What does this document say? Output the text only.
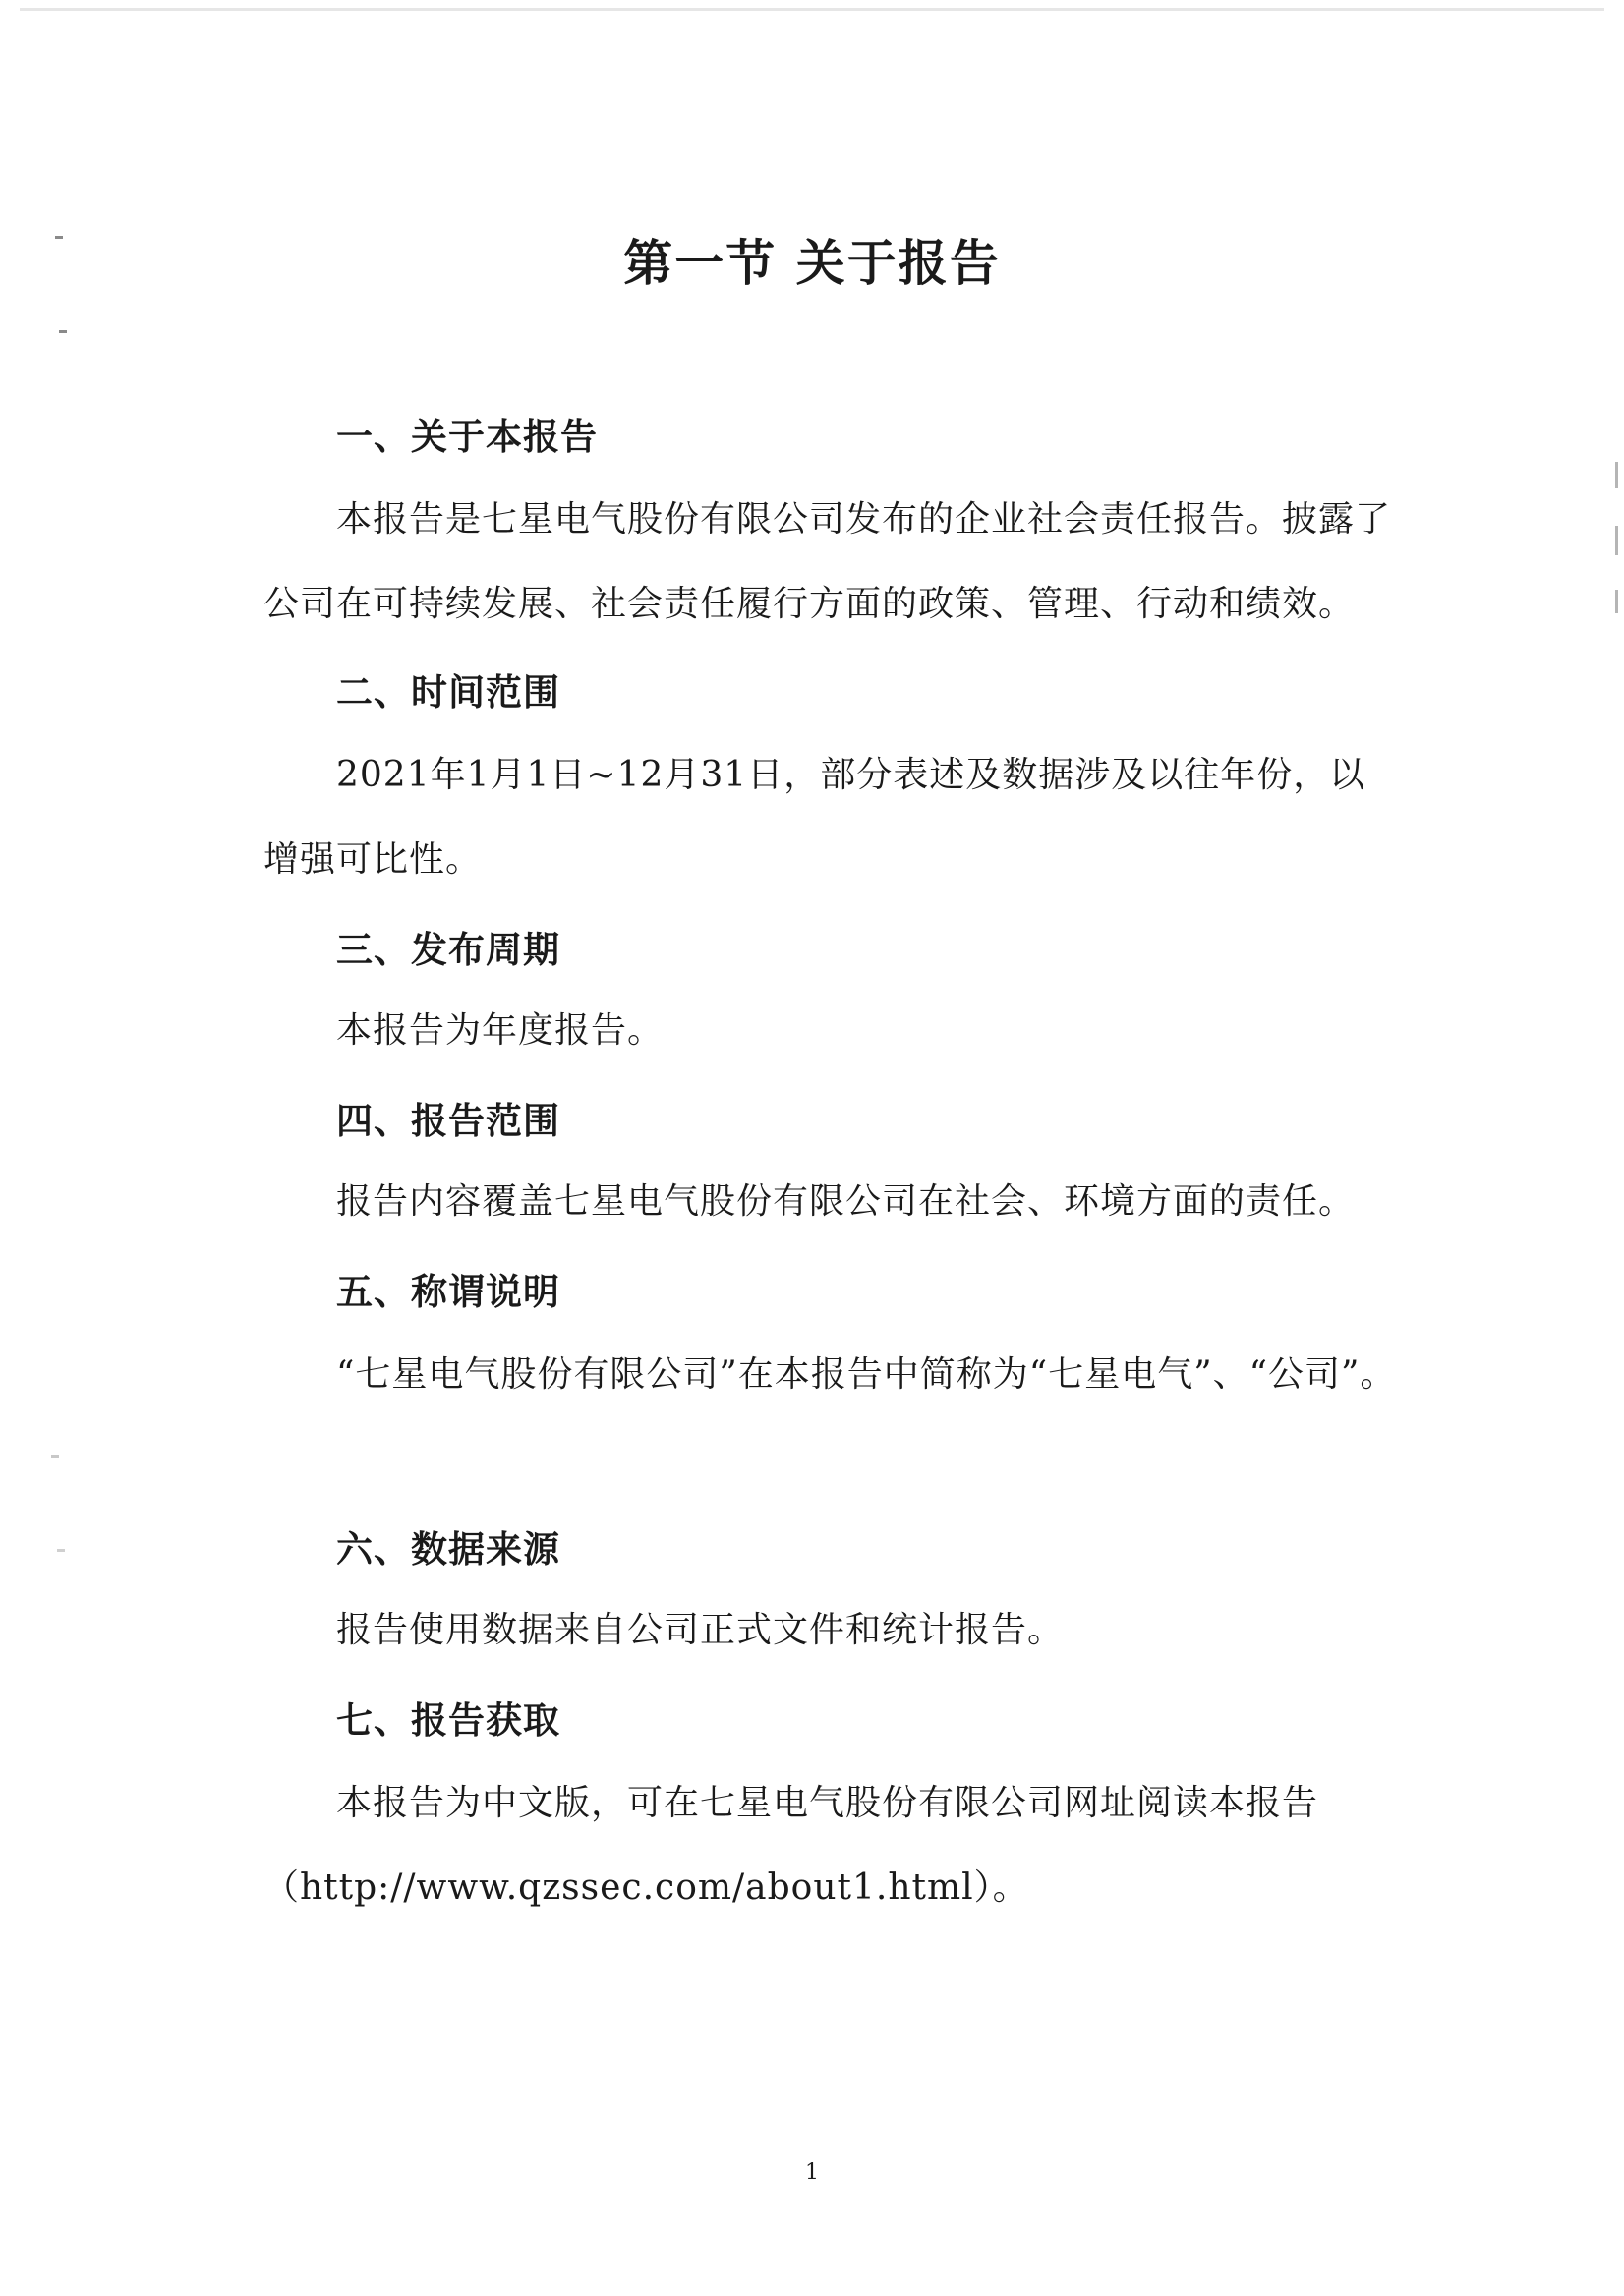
第一节 关于报告
一、关于本报告

本报告是七星电气股份有限公司发布的企业社会责任报告。披露了公司在可持续发展、社会责任履行方面的政策、管理、行动和绩效。

二、时间范围

2021年1月1日~12月31日，部分表述及数据涉及以往年份，以增强可比性。

三、发布周期

本报告为年度报告。

四、报告范围

报告内容覆盖七星电气股份有限公司在社会、环境方面的责任。

五、称谓说明

“七星电气股份有限公司”在本报告中简称为“七星电气”、“公司”。

六、数据来源

报告使用数据来自公司正式文件和统计报告。

七、报告获取

本报告为中文版，可在七星电气股份有限公司网址阅读本报告（http://www.qzssec.com/about1.html）。

1
